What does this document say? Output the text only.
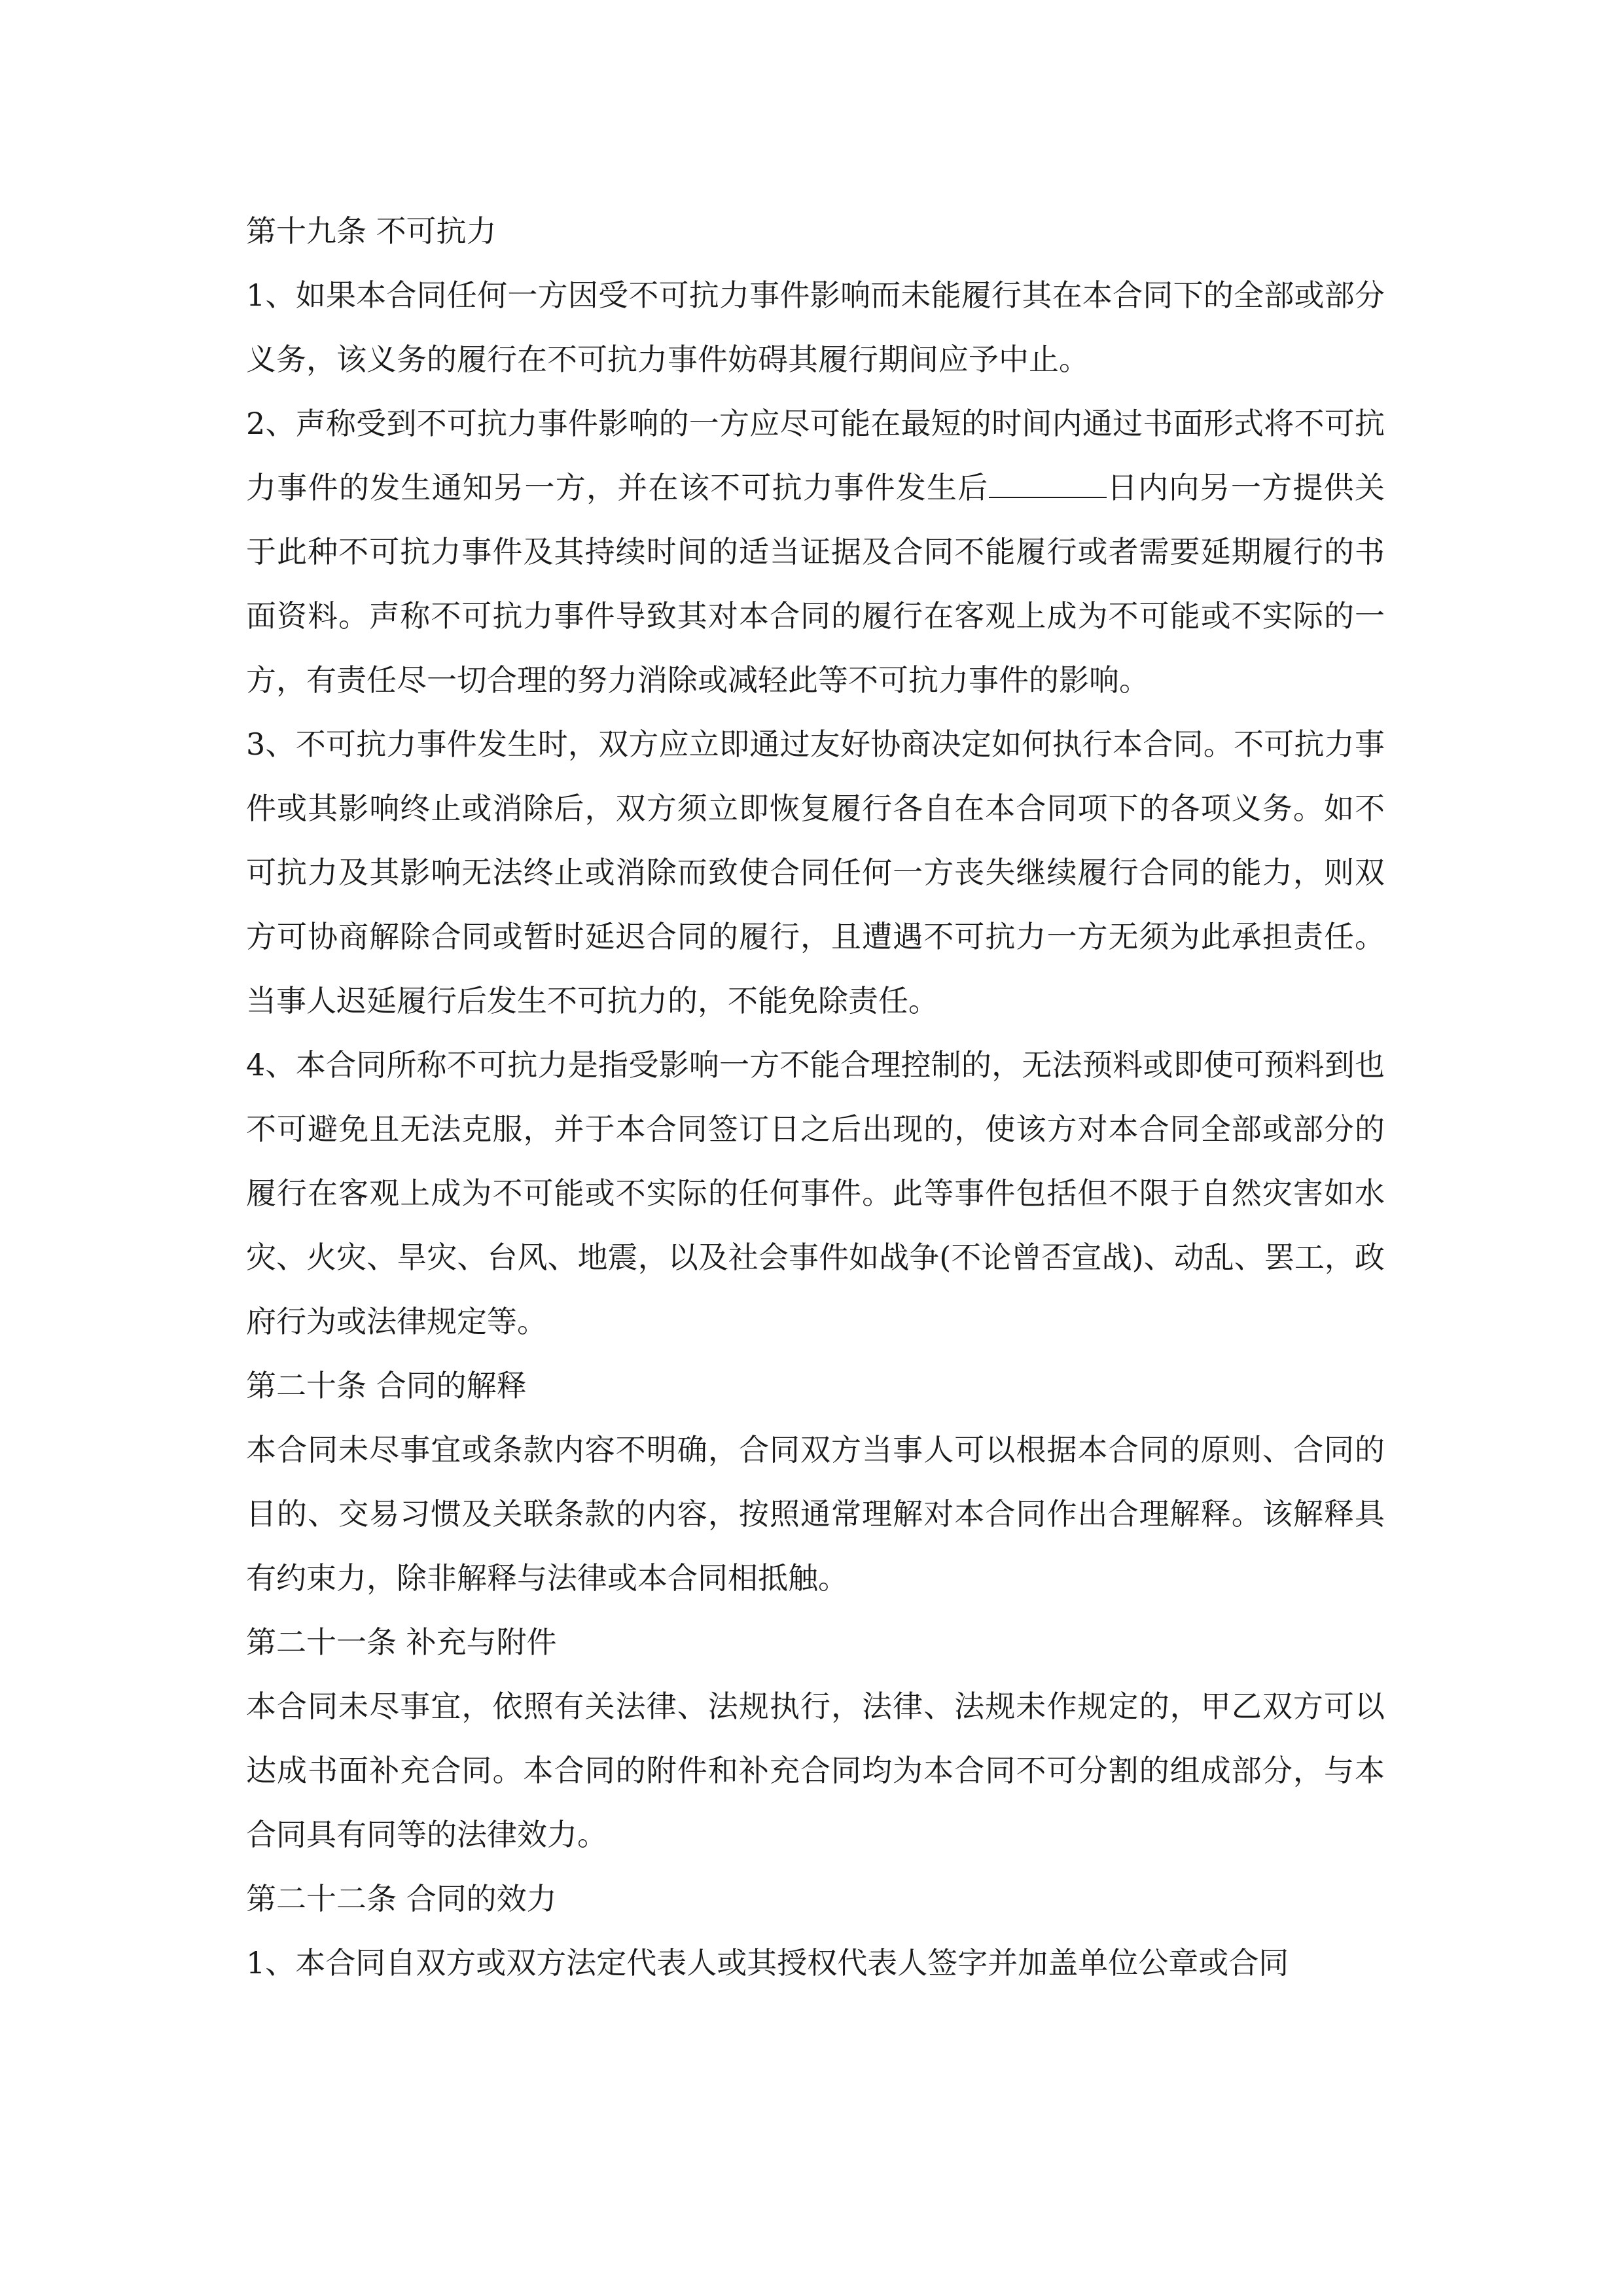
第十九条 不可抗力

1、如果本合同任何一方因受不可抗力事件影响而未能履行其在本合同下的全部或部分义务，该义务的履行在不可抗力事件妨碍其履行期间应予中止。

2、声称受到不可抗力事件影响的一方应尽可能在最短的时间内通过书面形式将不可抗力事件的发生通知另一方，并在该不可抗力事件发生后	日内向另一方提供关于此种不可抗力事件及其持续时间的适当证据及合同不能履行或者需要延期履行的书面资料。声称不可抗力事件导致其对本合同的履行在客观上成为不可能或不实际的一方，有责任尽一切合理的努力消除或减轻此等不可抗力事件的影响。

3、不可抗力事件发生时，双方应立即通过友好协商决定如何执行本合同。不可抗力事件或其影响终止或消除后，双方须立即恢复履行各自在本合同项下的各项义务。如不可抗力及其影响无法终止或消除而致使合同任何一方丧失继续履行合同的能力，则双方可协商解除合同或暂时延迟合同的履行，且遭遇不可抗力一方无须为此承担责任。当事人迟延履行后发生不可抗力的，不能免除责任。

4、本合同所称不可抗力是指受影响一方不能合理控制的，无法预料或即使可预料到也不可避免且无法克服，并于本合同签订日之后出现的，使该方对本合同全部或部分的履行在客观上成为不可能或不实际的任何事件。此等事件包括但不限于自然灾害如水灾、火灾、旱灾、台风、地震，以及社会事件如战争(不论曾否宣战)、动乱、罢工，政府行为或法律规定等。

第二十条 合同的解释

本合同未尽事宜或条款内容不明确，合同双方当事人可以根据本合同的原则、合同的目的、交易习惯及关联条款的内容，按照通常理解对本合同作出合理解释。该解释具有约束力，除非解释与法律或本合同相抵触。

第二十一条 补充与附件

本合同未尽事宜，依照有关法律、法规执行，法律、法规未作规定的，甲乙双方可以达成书面补充合同。本合同的附件和补充合同均为本合同不可分割的组成部分，与本合同具有同等的法律效力。

第二十二条 合同的效力

1、本合同自双方或双方法定代表人或其授权代表人签字并加盖单位公章或合同
